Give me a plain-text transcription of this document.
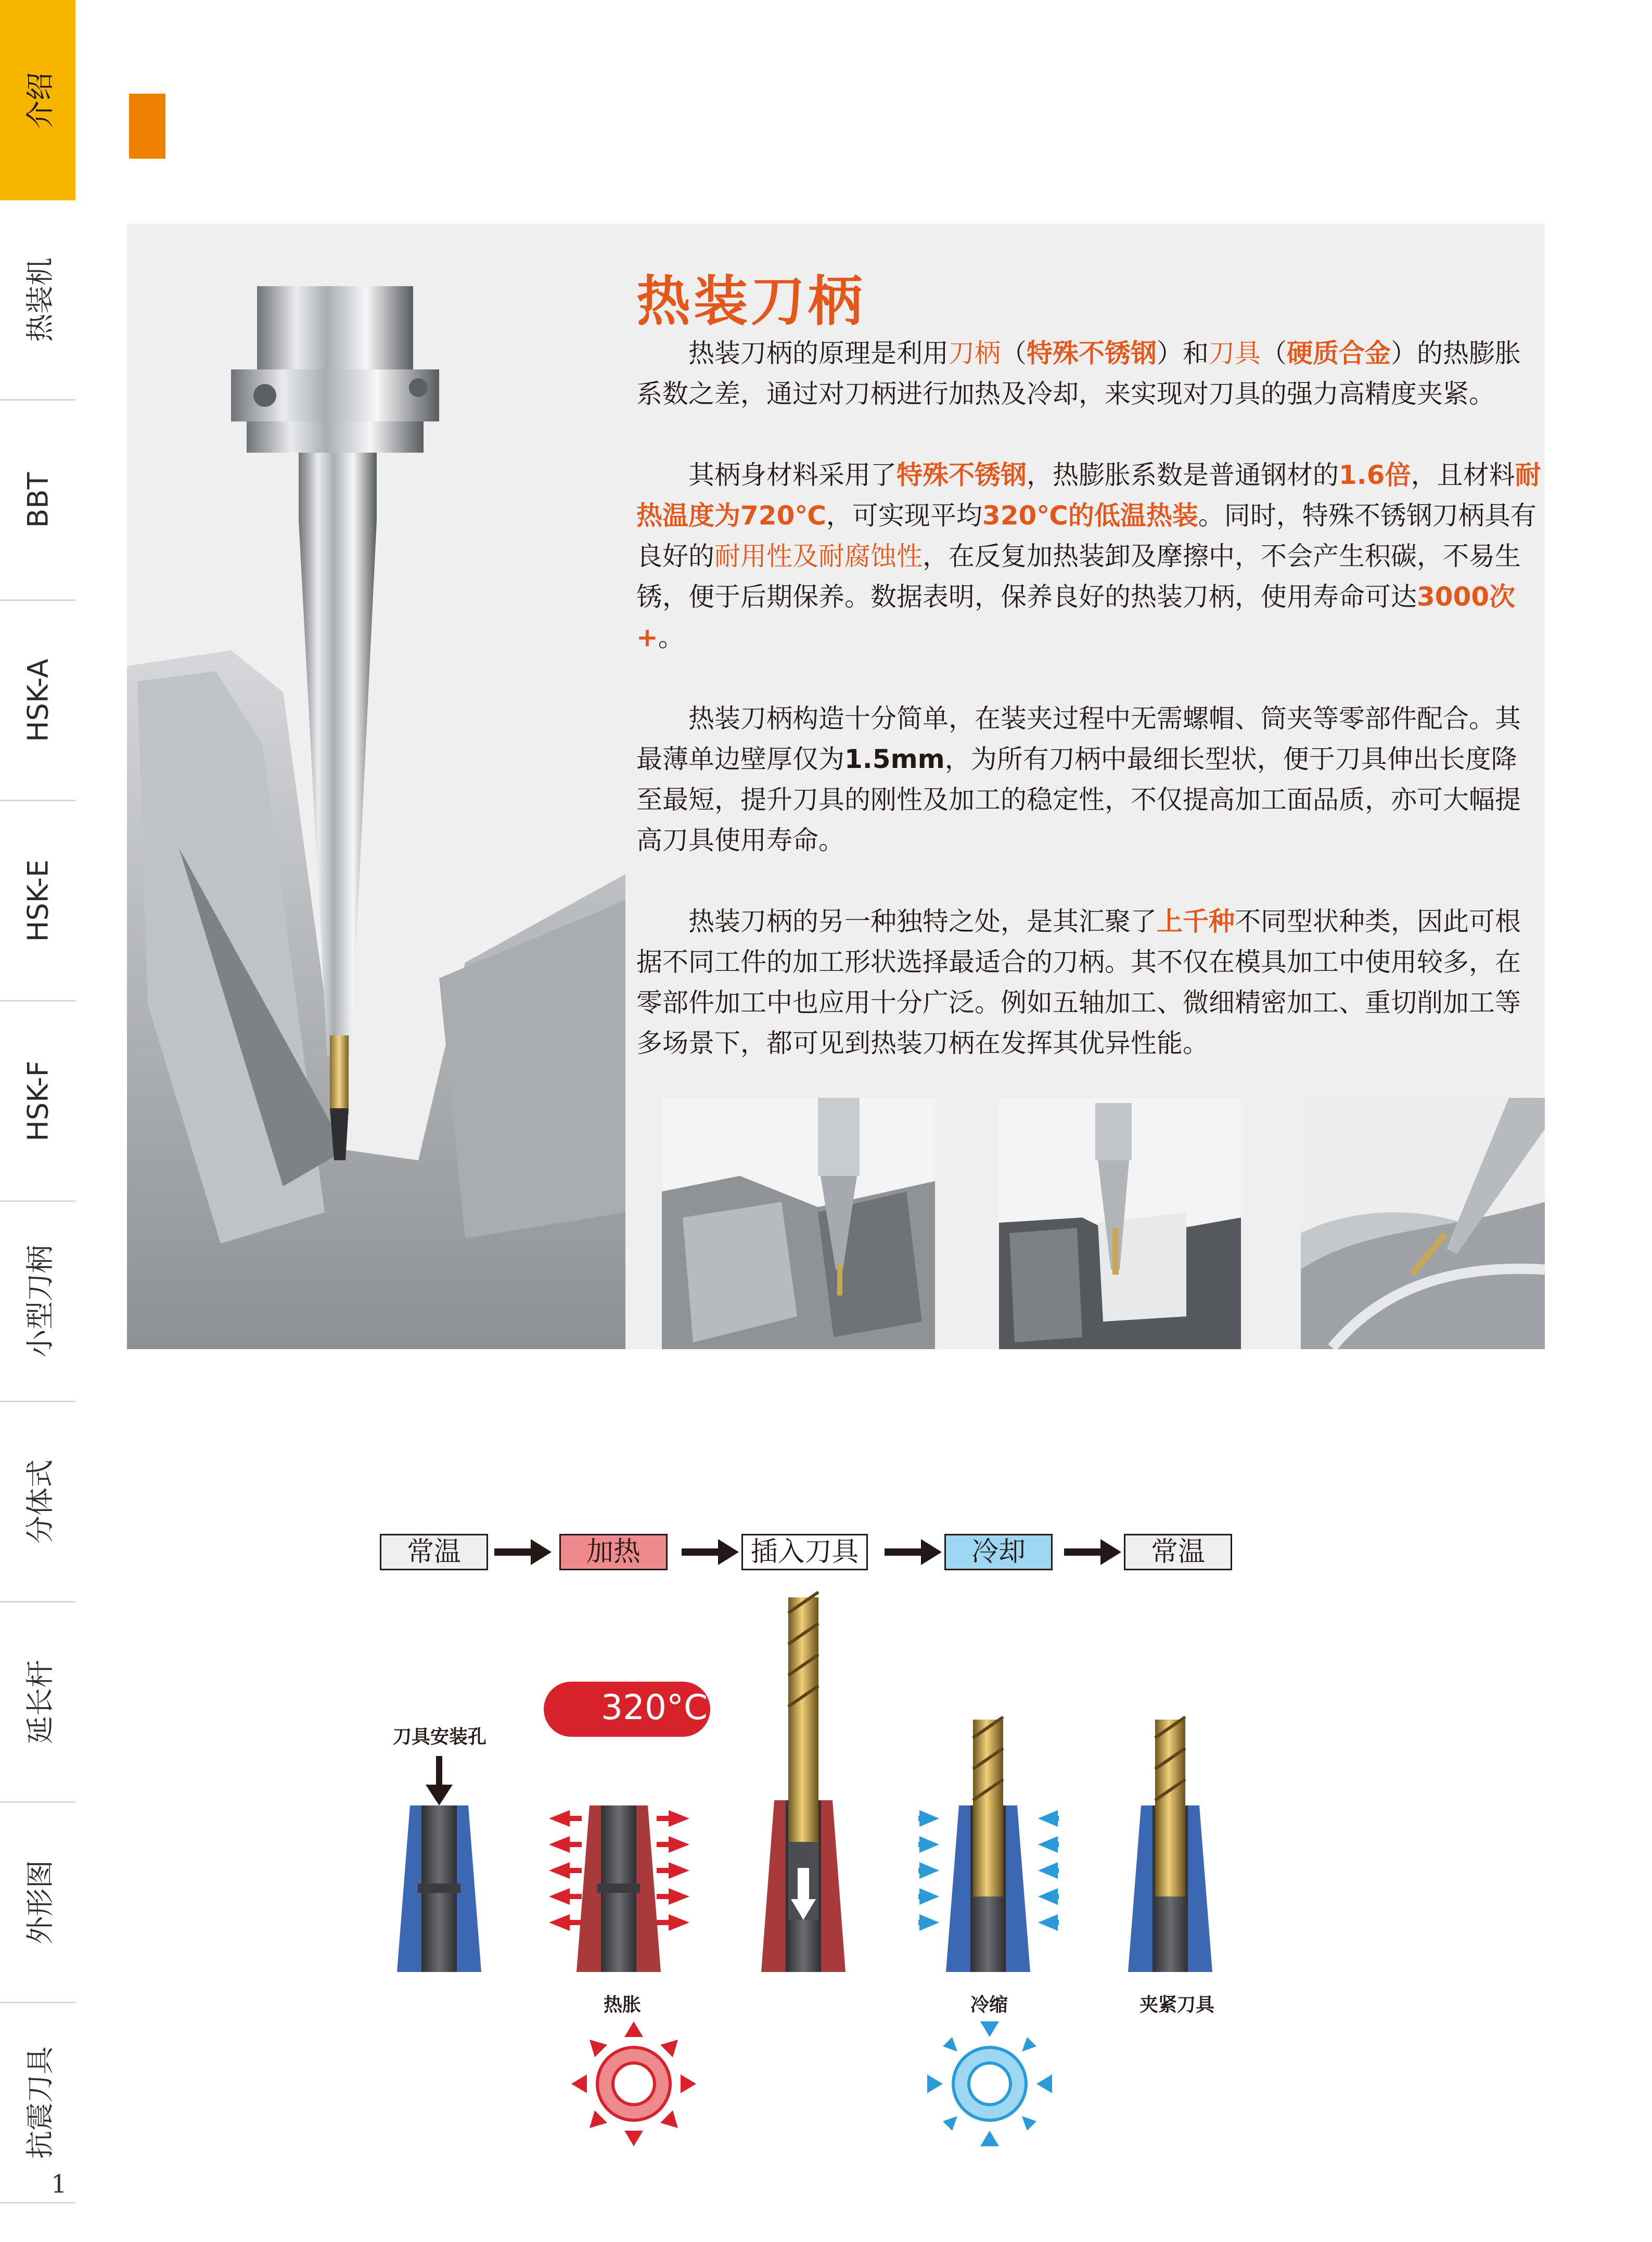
介绍
热装机
BBT
HSK-A
HSK-E
HSK-F
小型刀柄
分体式
延长杆
外形图
抗震刀具
1
热装刀柄

热装刀柄的原理是利用刀柄（特殊不锈钢）和刀具（硬质合金）的热膨胀系数之差，通过对刀柄进行加热及冷却，来实现对刀具的强力高精度夹紧。

其柄身材料采用了特殊不锈钢，热膨胀系数是普通钢材的1.6倍，且材料耐热温度为720℃，可实现平均320℃的低温热装。同时，特殊不锈钢刀柄具有良好的耐用性及耐腐蚀性，在反复加热装卸及摩擦中，不会产生积碳，不易生锈，便于后期保养。数据表明，保养良好的热装刀柄，使用寿命可达3000次+。

热装刀柄构造十分简单，在装夹过程中无需螺帽、筒夹等零部件配合。其最薄单边壁厚仅为1.5mm，为所有刀柄中最细长型状，便于刀具伸出长度降至最短，提升刀具的刚性及加工的稳定性，不仅提高加工面品质，亦可大幅提高刀具使用寿命。

热装刀柄的另一种独特之处，是其汇聚了上千种不同型状种类，因此可根据不同工件的加工形状选择最适合的刀柄。其不仅在模具加工中使用较多，在零部件加工中也应用十分广泛。例如五轴加工、微细精密加工、重切削加工等多场景下，都可见到热装刀柄在发挥其优异性能。

常温	加热	插入刀具	冷却	常温
320°C
刀具安装孔
热胀	冷缩	夹紧刀具
